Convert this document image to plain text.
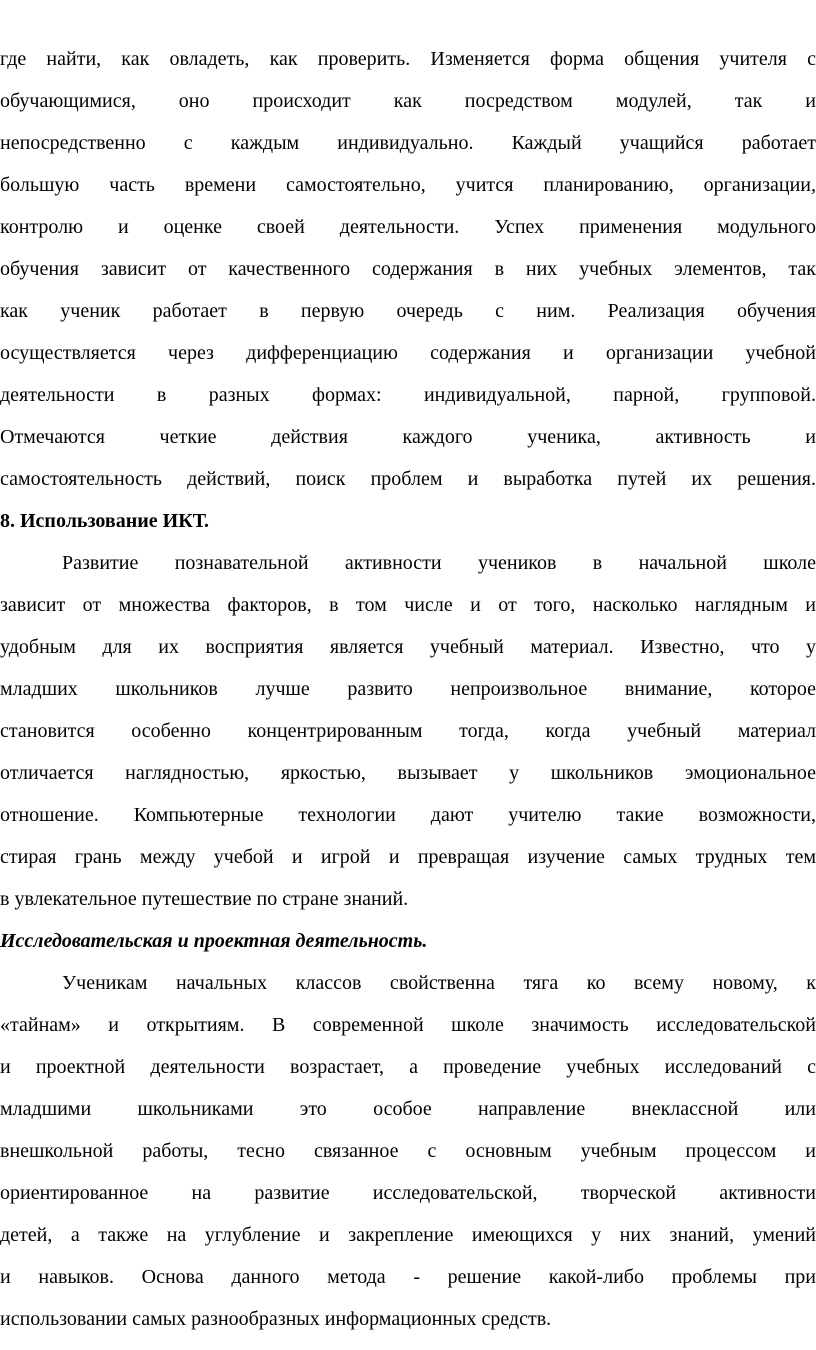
где найти, как овладеть, как проверить. Изменяется форма общения учителя с
обучающимися, оно происходит как посредством модулей, так и
непосредственно с каждым индивидуально. Каждый учащийся работает
большую часть времени самостоятельно, учится планированию, организации,
контролю и оценке своей деятельности. Успех применения модульного
обучения зависит от качественного содержания в них учебных элементов, так
как ученик работает в первую очередь с ним. Реализация обучения
осуществляется через дифференциацию содержания и организации учебной
деятельности в разных формах: индивидуальной, парной, групповой.
Отмечаются четкие действия каждого ученика, активность и
самостоятельность действий, поиск проблем и выработка путей их решения.
8. Использование ИКТ.
Развитие познавательной активности учеников в начальной школе
зависит от множества факторов, в том числе и от того, насколько наглядным и
удобным для их восприятия является учебный материал. Известно, что у
младших школьников лучше развито непроизвольное внимание, которое
становится особенно концентрированным тогда, когда учебный материал
отличается наглядностью, яркостью, вызывает у школьников эмоциональное
отношение. Компьютерные технологии дают учителю такие возможности,
стирая грань между учебой и игрой и превращая изучение самых трудных тем
в увлекательное путешествие по стране знаний.
Исследовательская и проектная деятельность.
Ученикам начальных классов свойственна тяга ко всему новому, к
«тайнам» и открытиям. В современной школе значимость исследовательской
и проектной деятельности возрастает, а проведение учебных исследований с
младшими школьниками это особое направление внеклассной или
внешкольной работы, тесно связанное с основным учебным процессом и
ориентированное на развитие исследовательской, творческой активности
детей, а также на углубление и закрепление имеющихся у них знаний, умений
и навыков. Основа данного метода - решение какой-либо проблемы при
использовании самых разнообразных информационных средств.
